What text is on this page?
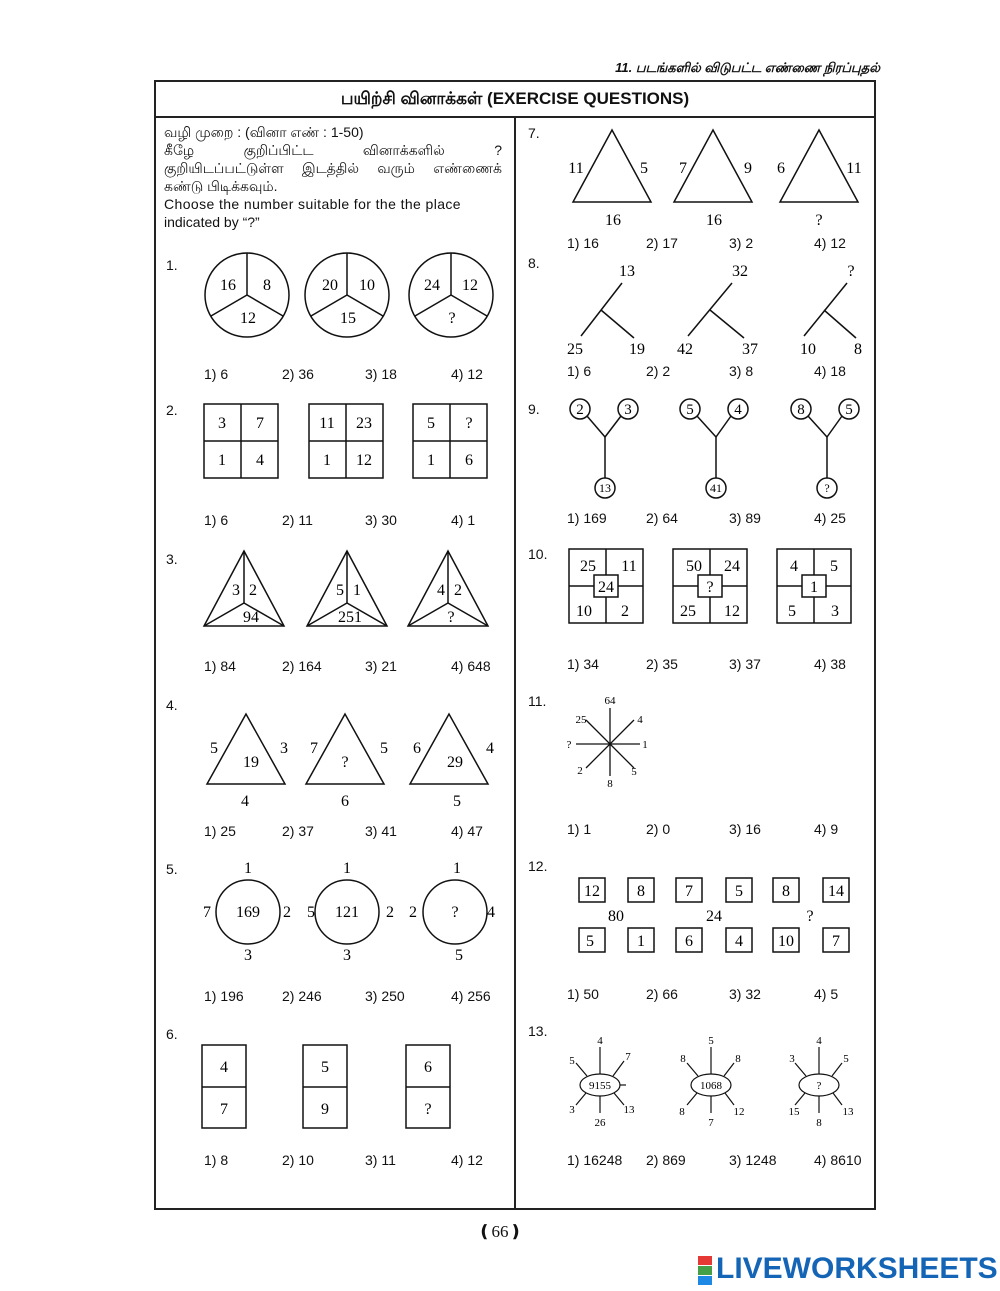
11. படங்களில் விடுபட்ட எண்ணை நிரப்புதல்
பயிற்சி வினாக்கள் (EXERCISE QUESTIONS)
வழி முறை : (வினா எண் : 1-50)
கீழே குறிப்பிட்ட வினாக்களில் ?
குறியிடப்பட்டுள்ள இடத்தில் வரும் எண்ணைக்
கண்டு பிடிக்கவும்.
Choose the number suitable for the the place
indicated by “?”
1.
16 8
12
20 10
15
24 12
?
1) 6	2) 36	3) 18	4) 12
2.
3 7
1 4
11 23
1 12
5 ?
1 6
1) 6	2) 11	3) 30	4) 1
3.
3 2
94
5 1
251
4 2
?
1) 84	2) 164	3) 21	4) 648
4.
5	3
19
4
7	5
?
6
6	4
29
5
1) 25	2) 37	3) 41	4) 47
5.	1
7 169 2
3
1
5 121 2
3
1
2 ? 4
5
1) 196	2) 246	3) 250	4) 256
6.
4
7
5
9
6
?
1) 8	2) 10	3) 11	4) 12
7.
11	5
16
7	9
16
6	11
?
1) 16	2) 17	3) 2	4) 12
8.	13
25	19
32
42	37
?
10 8
1) 6	2) 2	3) 8	4) 18
9. 2	3
13
5	4
41
8	5
?
1) 169	2) 64	3) 89	4) 25
10.
25 11
10 2
24
50 24
25 12
?
4 5
5 3
1
1) 34	2) 35	3) 37	4) 38
11.	64
4
1
5
8
2
?
25
1) 1	2) 0	3) 16	4) 9
12.
12 8
80
5	1
7	5
24
6	4
8 14
?
10 7
1) 50	2) 66	3) 32	4) 5
13.
4
7
13
26
3
5
9155
5
8
12
7
8
8
1068
4
5
13
8
15
3
?
1) 16248 2) 869	3) 1248	4) 8610
❪66❫
LIVEWORKSHEETS
